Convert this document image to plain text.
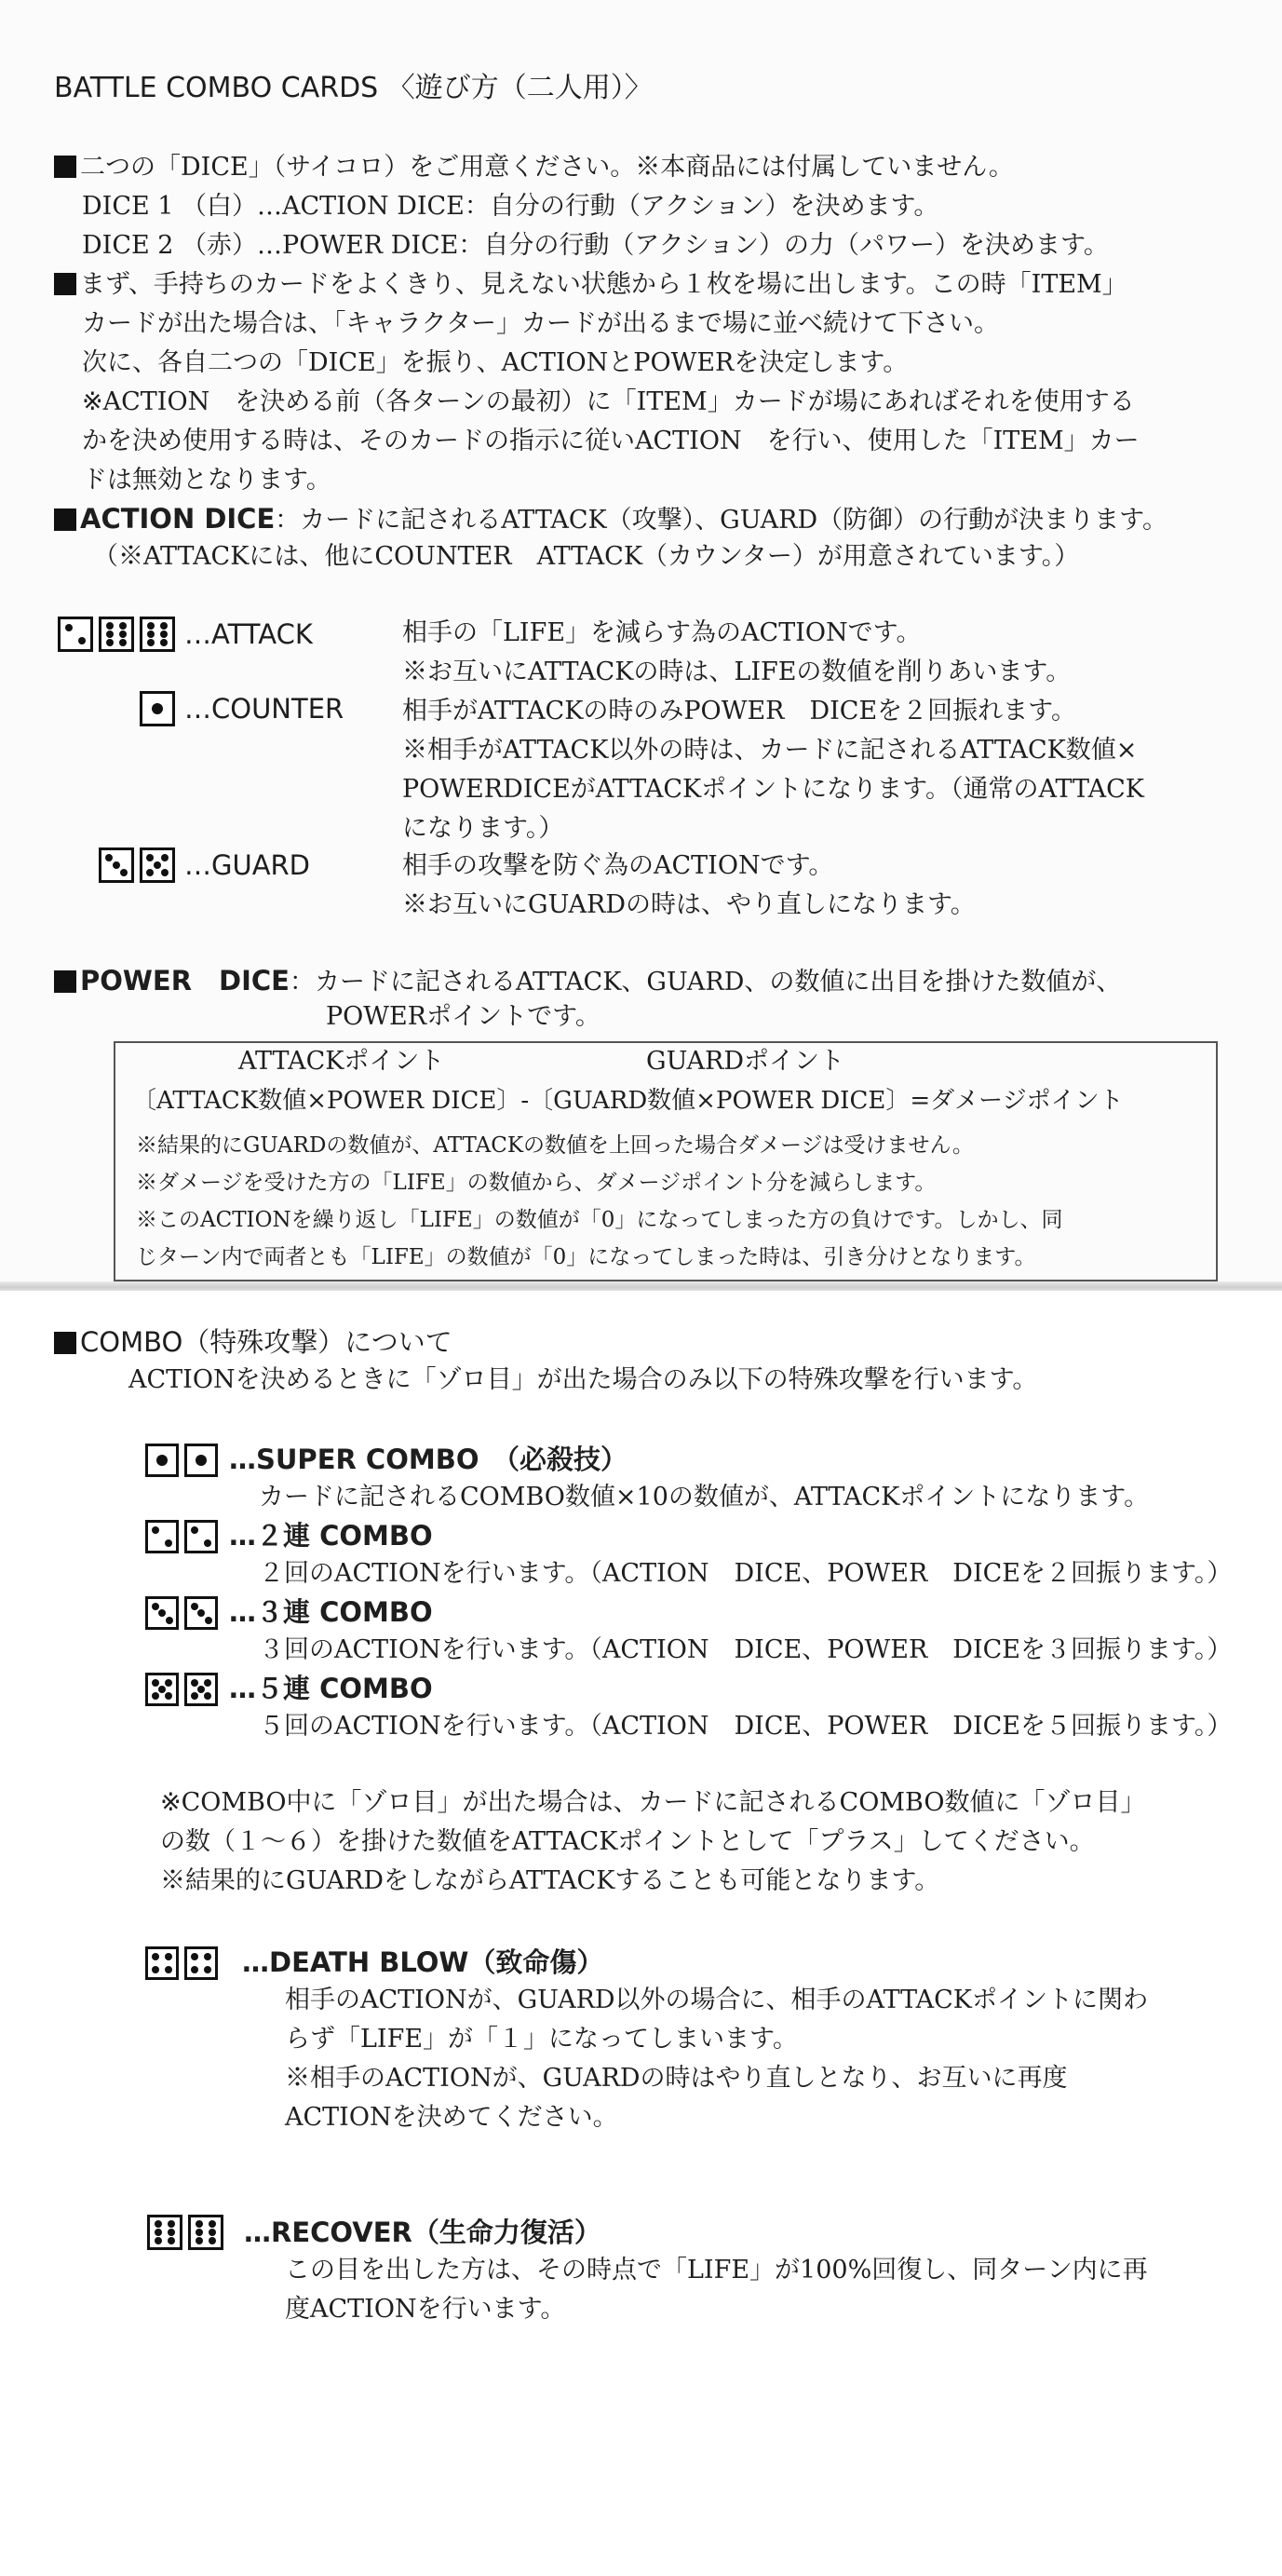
BATTLE COMBO CARDS 〈遊び方（二人用）〉
二つの「DICE」（サイコロ）をご用意ください。※本商品には付属していません。
DICE 1 （白）…ACTION DICE：自分の行動（アクション）を決めます。
DICE 2 （赤）…POWER DICE：自分の行動（アクション）の力（パワー）を決めます。
まず、手持ちのカードをよくきり、見えない状態から１枚を場に出します。この時「ITEM」
カードが出た場合は、「キャラクター」カードが出るまで場に並べ続けて下さい。
次に、各自二つの「DICE」を振り、ACTIONとPOWERを決定します。
※ACTION　を決める前（各ターンの最初）に「ITEM」カードが場にあればそれを使用する
かを決め使用する時は、そのカードの指示に従いACTION　を行い、使用した「ITEM」カー
ドは無効となります。
ACTION DICE：カードに記されるATTACK（攻撃）、GUARD（防御）の行動が決まります。
（※ATTACKには、他にCOUNTER　ATTACK（カウンター）が用意されています。）
…ATTACK	相手の「LIFE」を減らす為のACTIONです。
※お互いにATTACKの時は、LIFEの数値を削りあいます。
…COUNTER 相手がATTACKの時のみPOWER　DICEを２回振れます。
※相手がATTACK以外の時は、カードに記されるATTACK数値×
POWERDICEがATTACKポイントになります。（通常のATTACK
になります。）
…GUARD	相手の攻撃を防ぐ為のACTIONです。
※お互いにGUARDの時は、やり直しになります。
POWER　DICE：カードに記されるATTACK、GUARD、の数値に出目を掛けた数値が、
POWERポイントです。
ATTACKポイント	GUARDポイント
〔ATTACK数値×POWER DICE〕-〔GUARD数値×POWER DICE〕=ダメージポイント
※結果的にGUARDの数値が、ATTACKの数値を上回った場合ダメージは受けません。
※ダメージを受けた方の「LIFE」の数値から、ダメージポイント分を減らします。
※このACTIONを繰り返し「LIFE」の数値が「0」になってしまった方の負けです。しかし、同
じターン内で両者とも「LIFE」の数値が「0」になってしまった時は、引き分けとなります。
COMBO（特殊攻撃）について
ACTIONを決めるときに「ゾロ目」が出た場合のみ以下の特殊攻撃を行います。
…SUPER COMBO　（必殺技）
カードに記されるCOMBO数値×10の数値が、ATTACKポイントになります。
…２連 COMBO
２回のACTIONを行います。（ACTION　DICE、POWER　DICEを２回振ります。）
…３連 COMBO
３回のACTIONを行います。（ACTION　DICE、POWER　DICEを３回振ります。）
…５連 COMBO
５回のACTIONを行います。（ACTION　DICE、POWER　DICEを５回振ります。）
※COMBO中に「ゾロ目」が出た場合は、カードに記されるCOMBO数値に「ゾロ目」
の数（１～６）を掛けた数値をATTACKポイントとして「プラス」してください。
※結果的にGUARDをしながらATTACKすることも可能となります。
…DEATH BLOW（致命傷）
相手のACTIONが、GUARD以外の場合に、相手のATTACKポイントに関わ
らず「LIFE」が「１」になってしまいます。
※相手のACTIONが、GUARDの時はやり直しとなり、お互いに再度
ACTIONを決めてください。
…RECOVER（生命力復活）
この目を出した方は、その時点で「LIFE」が100%回復し、同ターン内に再
度ACTIONを行います。
